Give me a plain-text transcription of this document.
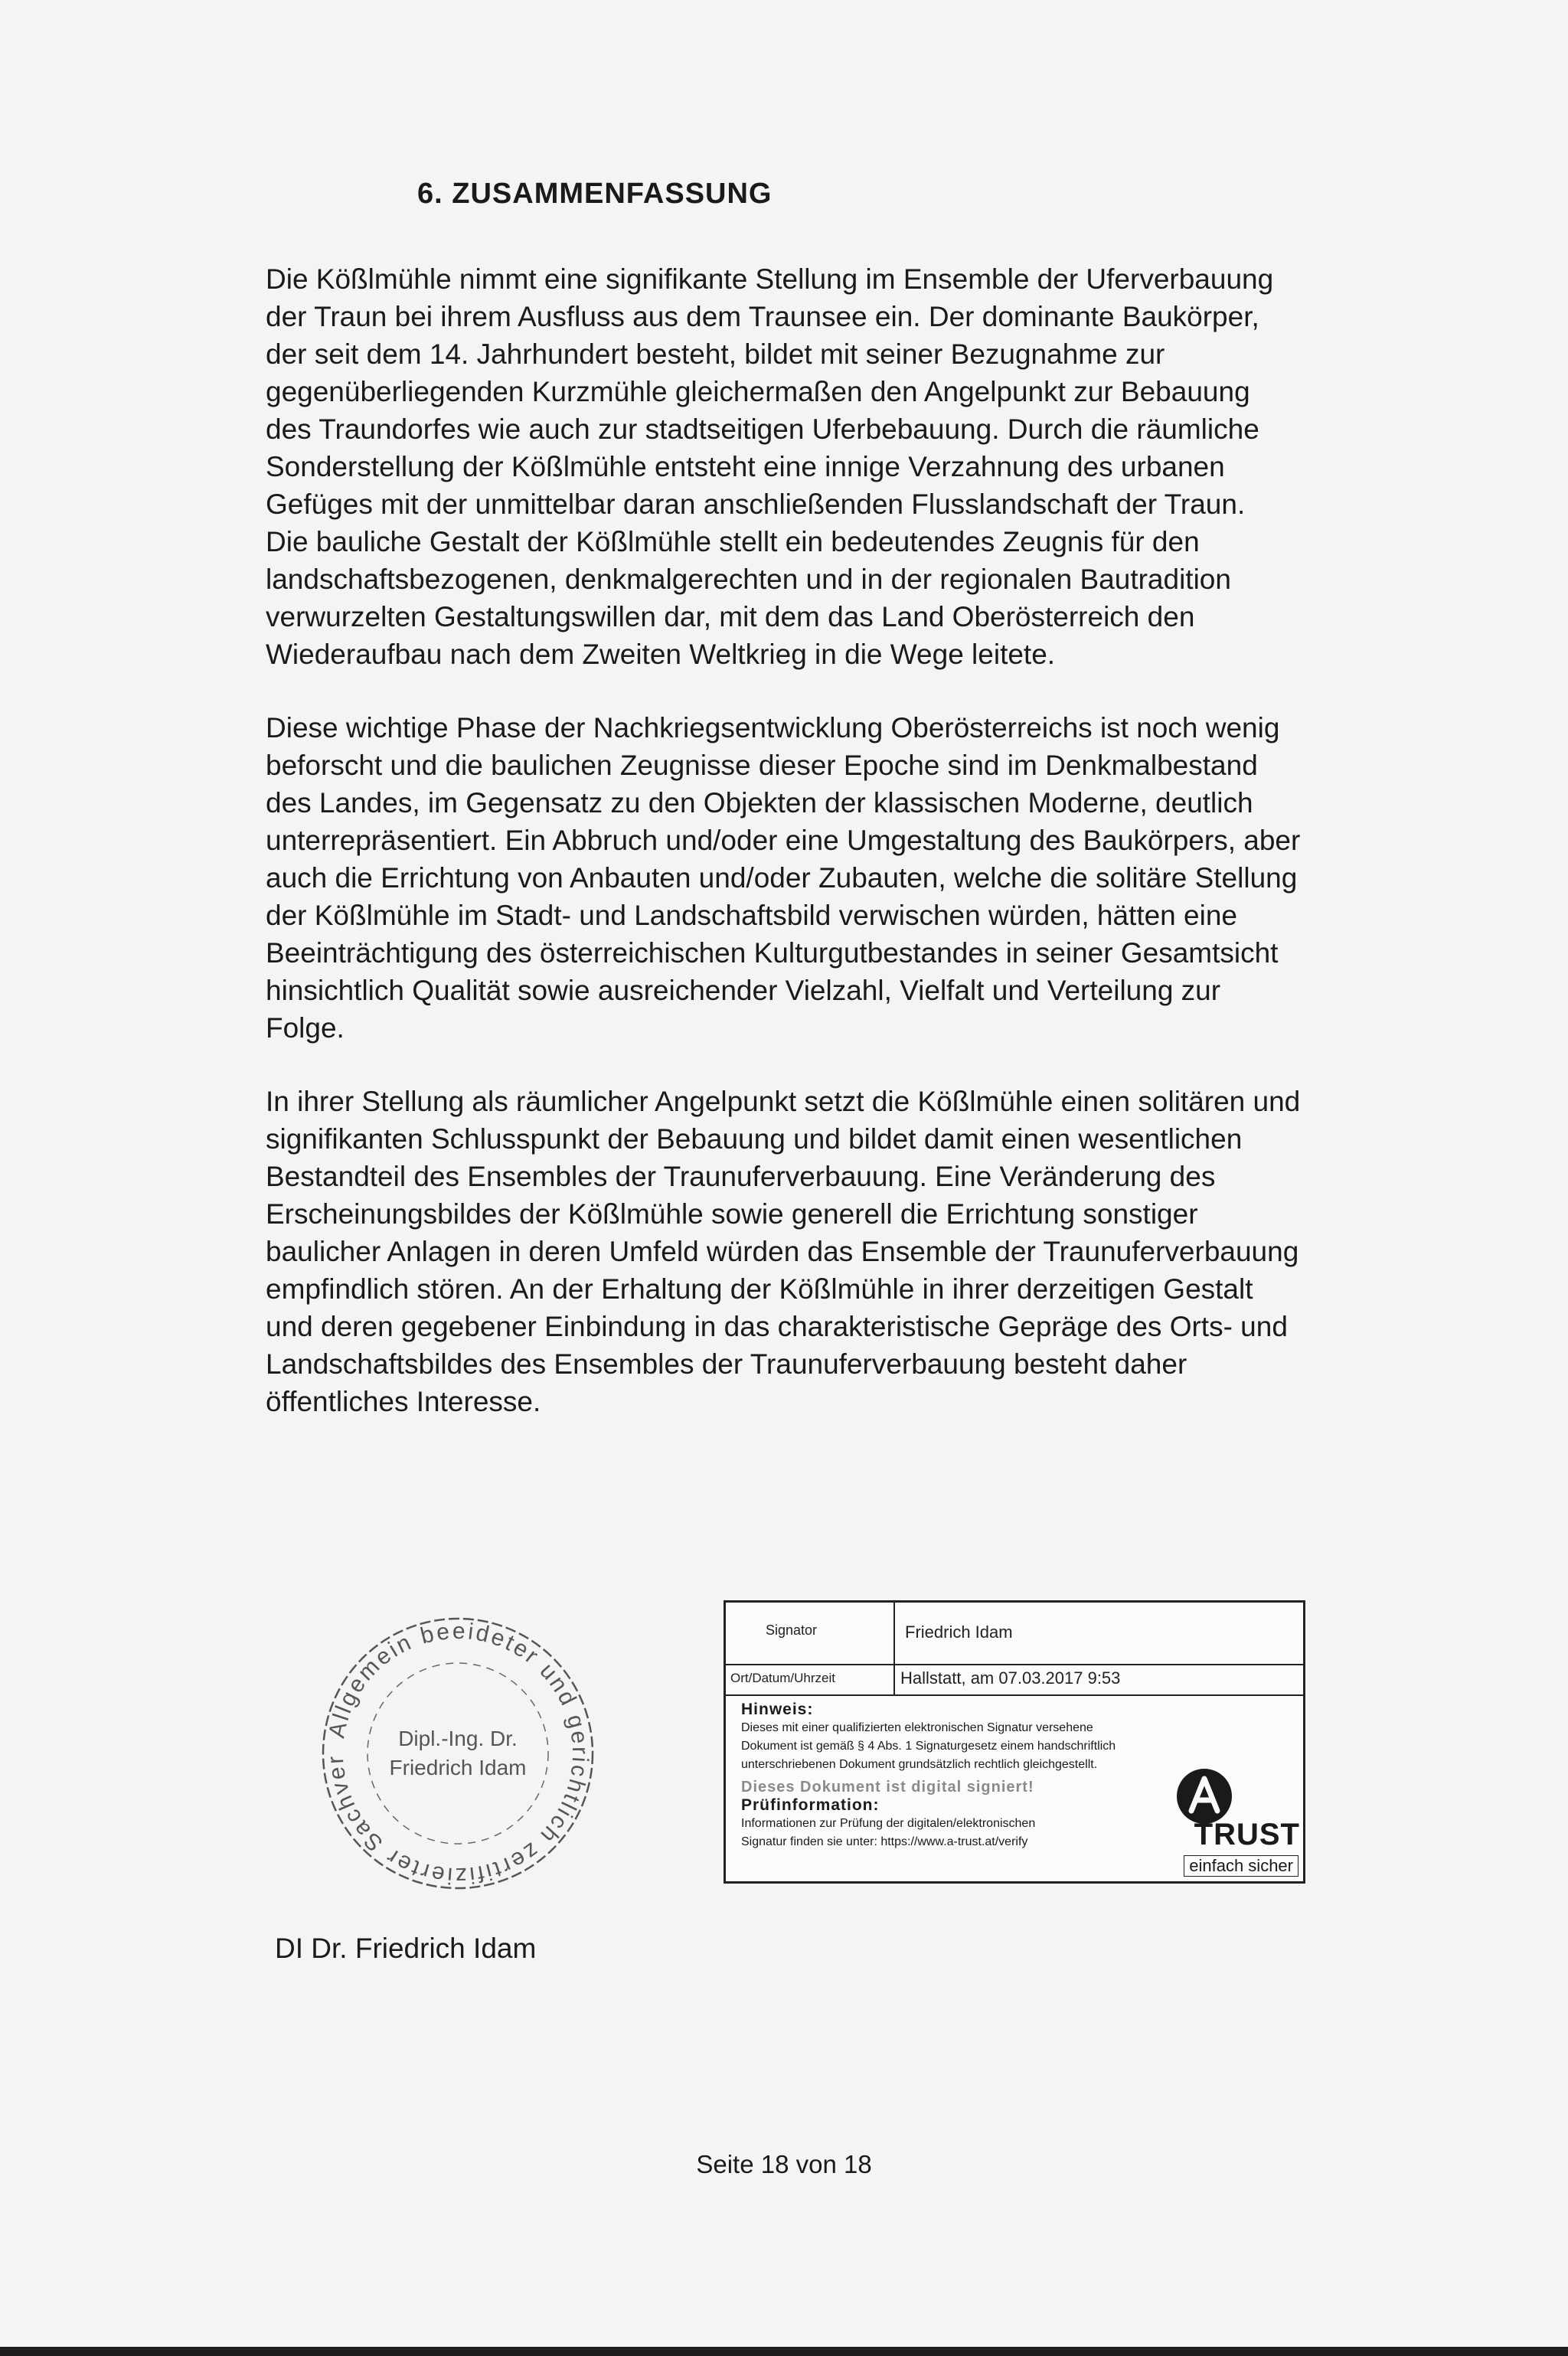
6. ZUSAMMENFASSUNG

Die Kößlmühle nimmt eine signifikante Stellung im Ensemble der Uferverbauung
der Traun bei ihrem Ausfluss aus dem Traunsee ein. Der dominante Baukörper,
der seit dem 14. Jahrhundert besteht, bildet mit seiner Bezugnahme zur
gegenüberliegenden Kurzmühle gleichermaßen den Angelpunkt zur Bebauung
des Traundorfes wie auch zur stadtseitigen Uferbebauung. Durch die räumliche
Sonderstellung der Kößlmühle entsteht eine innige Verzahnung des urbanen
Gefüges mit der unmittelbar daran anschließenden Flusslandschaft der Traun.
Die bauliche Gestalt der Kößlmühle stellt ein bedeutendes Zeugnis für den
landschaftsbezogenen, denkmalgerechten und in der regionalen Bautradition
verwurzelten Gestaltungswillen dar, mit dem das Land Oberösterreich den
Wiederaufbau nach dem Zweiten Weltkrieg in die Wege leitete.

Diese wichtige Phase der Nachkriegsentwicklung Oberösterreichs ist noch wenig
beforscht und die baulichen Zeugnisse dieser Epoche sind im Denkmalbestand
des Landes, im Gegensatz zu den Objekten der klassischen Moderne, deutlich
unterrepräsentiert. Ein Abbruch und/oder eine Umgestaltung des Baukörpers, aber
auch die Errichtung von Anbauten und/oder Zubauten, welche die solitäre Stellung
der Kößlmühle im Stadt- und Landschaftsbild verwischen würden, hätten eine
Beeinträchtigung des österreichischen Kulturgutbestandes in seiner Gesamtsicht
hinsichtlich Qualität sowie ausreichender Vielzahl, Vielfalt und Verteilung zur
Folge.

In ihrer Stellung als räumlicher Angelpunkt setzt die Kößlmühle einen solitären und
signifikanten Schlusspunkt der Bebauung und bildet damit einen wesentlichen
Bestandteil des Ensembles der Traunuferverbauung. Eine Veränderung des
Erscheinungsbildes der Kößlmühle sowie generell die Errichtung sonstiger
baulicher Anlagen in deren Umfeld würden das Ensemble der Traunuferverbauung
empfindlich stören. An der Erhaltung der Kößlmühle in ihrer derzeitigen Gestalt
und deren gegebener Einbindung in das charakteristische Gepräge des Orts- und
Landschaftsbildes des Ensembles der Traunuferverbauung besteht daher
öffentliches Interesse.

Allgemein beeideter und gerichtlich zertifizierter Sachver
Dipl.-Ing. Dr.
Friedrich Idam
Signator	Friedrich Idam
Ort/Datum/Uhrzeit	Hallstatt, am 07.03.2017 9:53
Hinweis:
Dieses mit einer qualifizierten elektronischen Signatur versehene
Dokument ist gemäß § 4 Abs. 1 Signaturgesetz einem handschriftlich
unterschriebenen Dokument grundsätzlich rechtlich gleichgestellt.
Dieses Dokument ist digital signiert!
Prüfinformation:
Informationen zur Prüfung der digitalen/elektronischen
Signatur finden sie unter: https://www.a-trust.at/verify	TRUST
einfach sicher

DI Dr. Friedrich Idam

Seite 18 von 18
